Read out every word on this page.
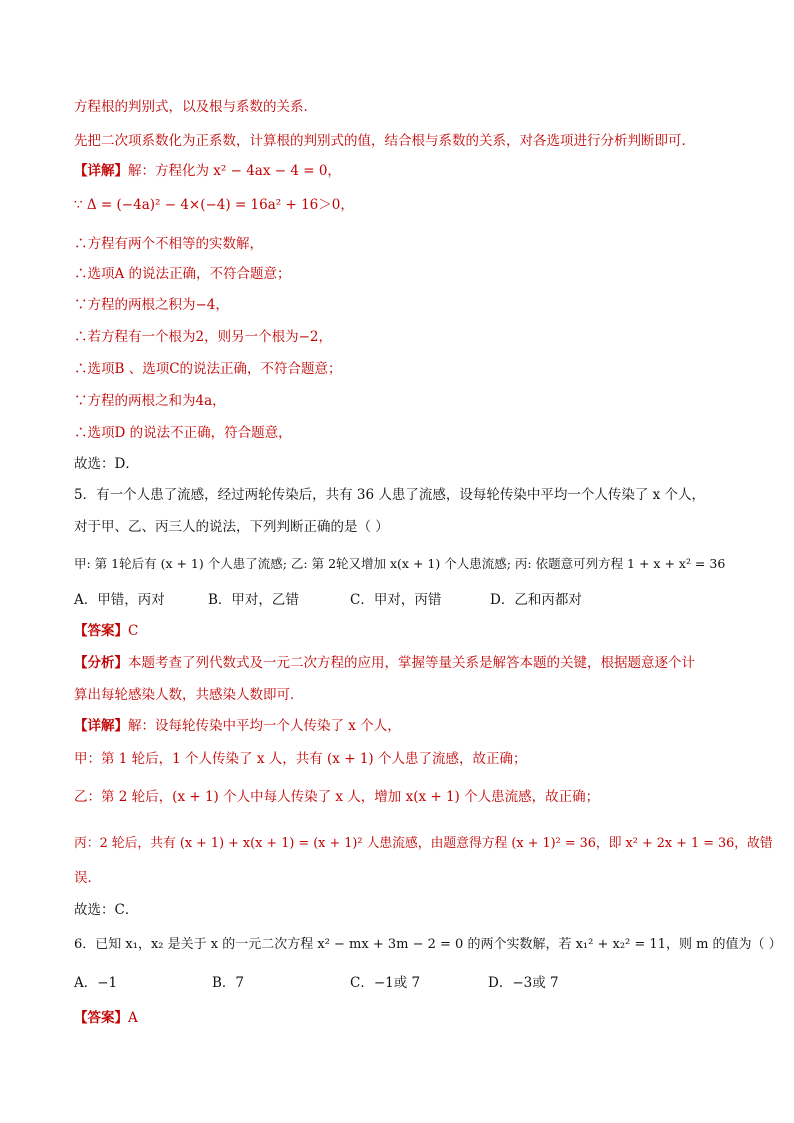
方程根的判别式，以及根与系数的关系．

先把二次项系数化为正系数，计算根的判别式的值，结合根与系数的关系，对各选项进行分析判断即可．

【详解】解：方程化为 x² − 4ax − 4 = 0，

∵ Δ = (−4a)² − 4×(−4) = 16a² + 16＞0，

∴方程有两个不相等的实数解，

∴选项A 的说法正确，不符合题意；

∵方程的两根之积为−4，

∴若方程有一个根为2，则另一个根为−2，

∴选项B 、选项C的说法正确，不符合题意；

∵方程的两根之和为4a，

∴选项D 的说法不正确，符合题意，

故选：D．

5．有一个人患了流感，经过两轮传染后，共有 36 人患了流感，设每轮传染中平均一个人传染了 x 个人，

对于甲、乙、丙三人的说法，下列判断正确的是（ ）

甲: 第 1轮后有 (x + 1) 个人患了流感; 乙: 第 2轮又增加 x(x + 1) 个人患流感; 丙: 依题意可列方程 1 + x + x² = 36

A．甲错，丙对	B．甲对，乙错	C．甲对，丙错	D．乙和丙都对

【答案】C

【分析】本题考查了列代数式及一元二次方程的应用，掌握等量关系是解答本题的关键，根据题意逐个计

算出每轮感染人数，共感染人数即可．

【详解】解：设每轮传染中平均一个人传染了 x 个人，

甲：第 1 轮后，1 个人传染了 x 人，共有 (x + 1) 个人患了流感，故正确；

乙：第 2 轮后，(x + 1) 个人中每人传染了 x 人，增加 x(x + 1) 个人患流感，故正确；

丙：2 轮后，共有 (x + 1) + x(x + 1) = (x + 1)² 人患流感，由题意得方程 (x + 1)² = 36，即 x² + 2x + 1 = 36，故错

误．

故选：C．

6．已知 x₁，x₂ 是关于 x 的一元二次方程 x² − mx + 3m − 2 = 0 的两个实数解，若 x₁² + x₂² = 11，则 m 的值为（ ）

A．−1	B．7	C．−1或 7	D．−3或 7

【答案】A
